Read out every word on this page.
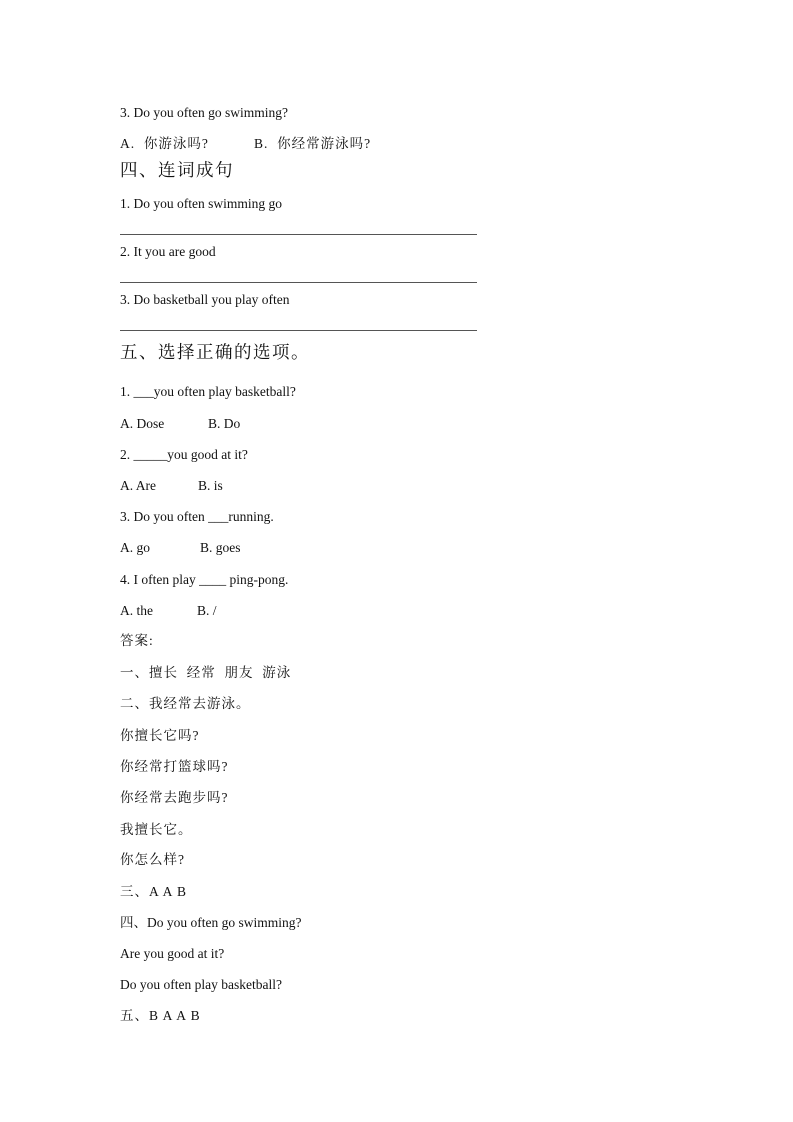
3. Do you often go swimming?
A.  你游泳吗?	B.  你经常游泳吗?
四、连词成句
1. Do you often swimming go
2. It you are good
3. Do basketball you play often
五、选择正确的选项。
1. ___you often play basketball?
A. Dose	B. Do
2. _____you good at it?
A. Are	B. is
3. Do you often ___running.
A. go	B. goes
4. I often play ____ ping-pong.
A. the	B. /
答案:
一、擅长  经常  朋友  游泳
二、我经常去游泳。
你擅长它吗?
你经常打篮球吗?
你经常去跑步吗?
我擅长它。
你怎么样?
三、A A B
四、Do you often go swimming?
Are you good at it?
Do you often play basketball?
五、B A A B
